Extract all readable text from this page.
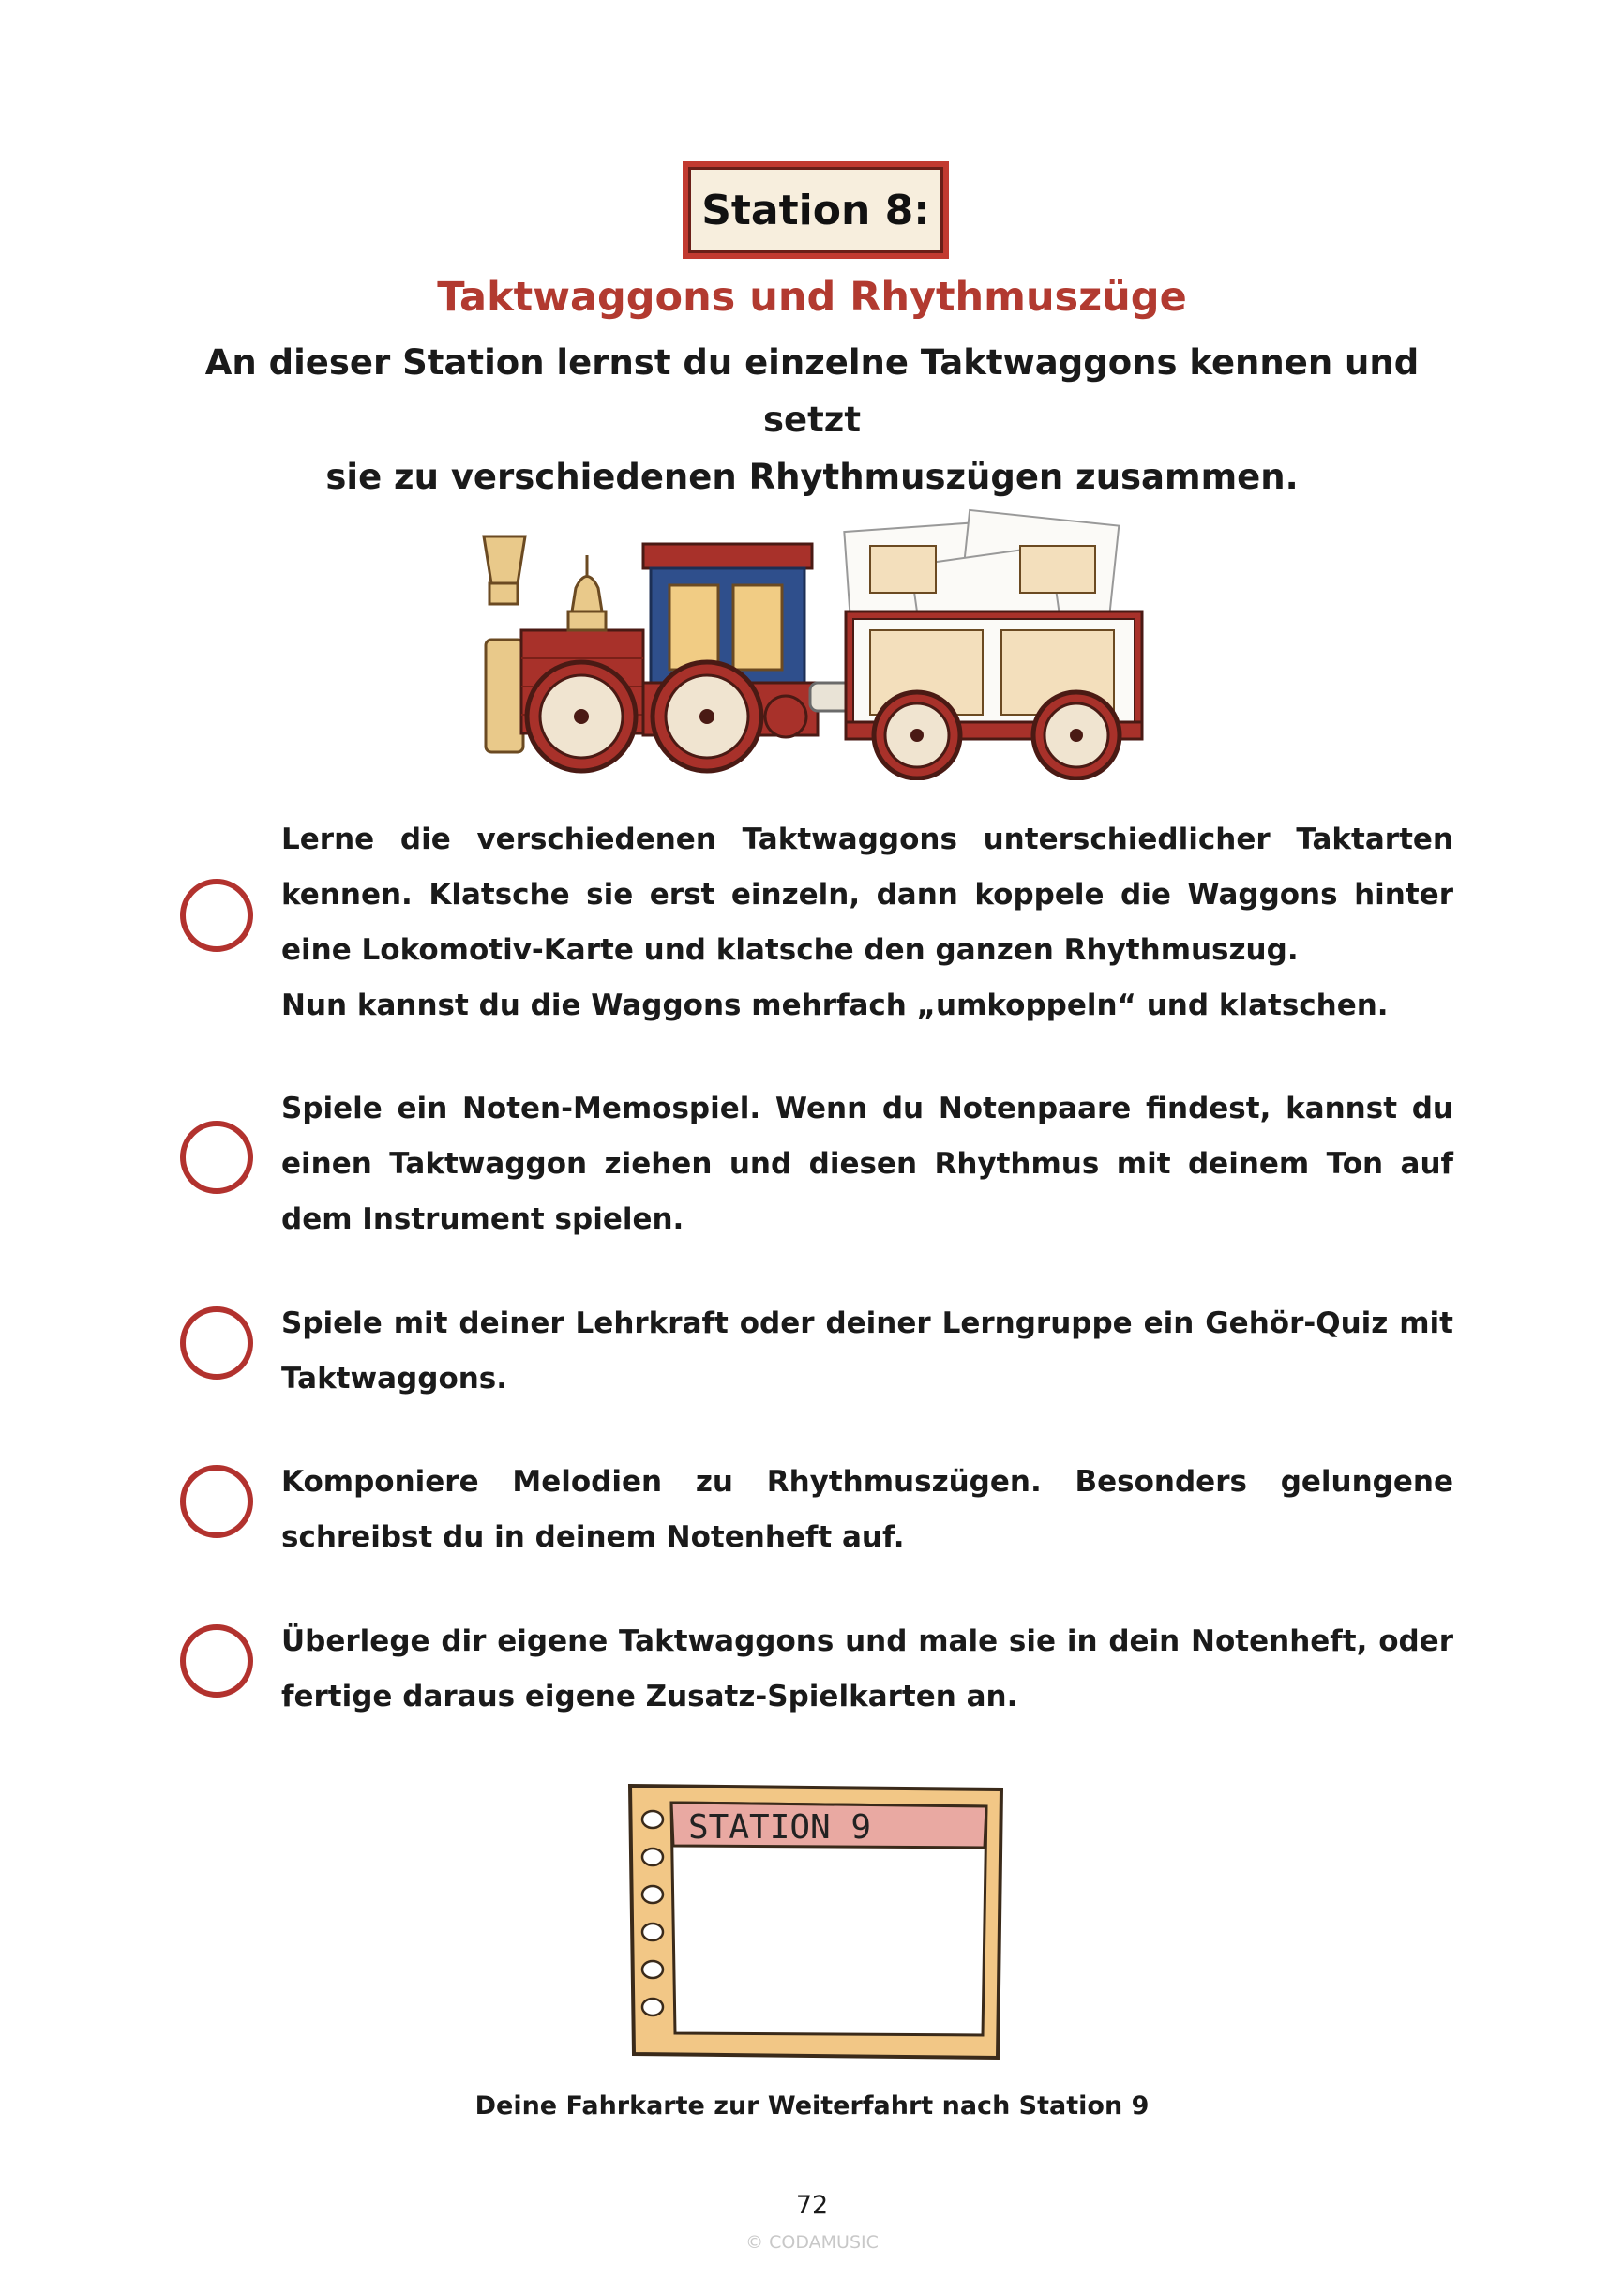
Station 8:
Taktwaggons und Rhythmuszüge
An dieser Station lernst du einzelne Taktwaggons kennen und setzt
sie zu verschiedenen Rhythmuszügen zusammen.
Lerne die verschiedenen Taktwaggons unterschiedlicher Taktarten kennen. Klatsche sie erst einzeln, dann koppele die Waggons hinter eine Lokomotiv-Karte und klatsche den ganzen Rhythmuszug.
Nun kannst du die Waggons mehrfach „umkoppeln“ und klatschen.

Spiele ein Noten-Memospiel. Wenn du Notenpaare findest, kannst du einen Taktwaggon ziehen und diesen Rhythmus mit deinem Ton auf dem Instrument spielen.

Spiele mit deiner Lehrkraft oder deiner Lerngruppe ein Gehör-Quiz mit Taktwaggons.

Komponiere Melodien zu Rhythmuszügen. Besonders gelungene schreibst du in deinem Notenheft auf.

Überlege dir eigene Taktwaggons und male sie in dein Notenheft, oder fertige daraus eigene Zusatz-Spielkarten an.

STATION 9
Deine Fahrkarte zur Weiterfahrt nach Station 9
72
© CODAMUSIC
